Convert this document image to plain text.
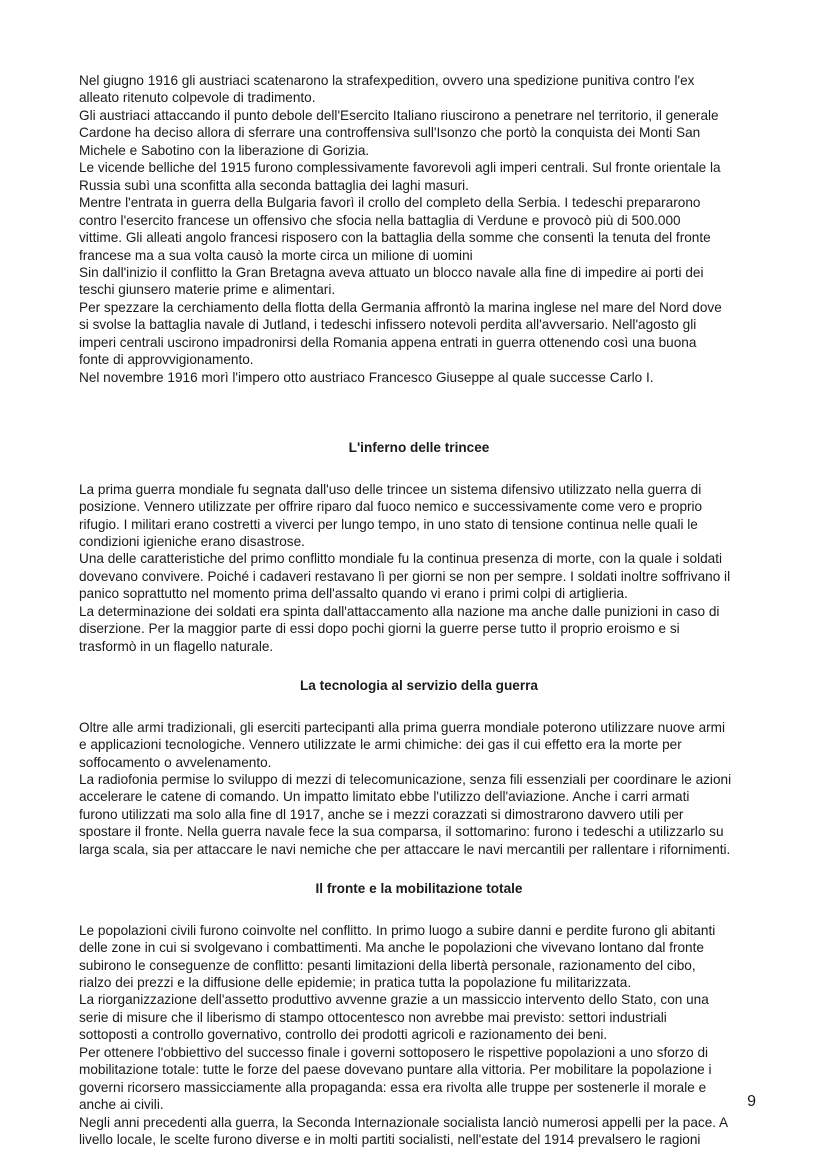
Nel giugno 1916 gli austriaci scatenarono la strafexpedition, ovvero una spedizione punitiva contro l'ex
alleato ritenuto colpevole di tradimento.
Gli austriaci attaccando il punto debole dell'Esercito Italiano riuscirono a penetrare nel territorio, il generale
Cardone ha deciso allora di sferrare una controffensiva sull'Isonzo che portò la conquista dei Monti San
Michele e Sabotino con la liberazione di Gorizia.
Le vicende belliche del 1915 furono complessivamente favorevoli agli imperi centrali. Sul fronte orientale la
Russia subì una sconfitta alla seconda battaglia dei laghi masuri.
Mentre l'entrata in guerra della Bulgaria favorì il crollo del completo della Serbia. I tedeschi prepararono
contro l'esercito francese un offensivo che sfocia nella battaglia di Verdune e provocò più di 500.000
vittime. Gli alleati angolo francesi risposero con la battaglia della somme che consentì la tenuta del fronte
francese ma a sua volta causò la morte circa un milione di uomini
Sin dall'inizio il conflitto la Gran Bretagna aveva attuato un blocco navale alla fine di impedire ai porti dei
teschi giunsero materie prime e alimentari.
Per spezzare la cerchiamento della flotta della Germania affrontò la marina inglese nel mare del Nord dove
si svolse la battaglia navale di Jutland, i tedeschi infissero notevoli perdita all'avversario. Nell'agosto gli
imperi centrali uscirono impadronirsi della Romania appena entrati in guerra ottenendo così una buona
fonte di approvvigionamento.
Nel novembre 1916 morì l'impero otto austriaco Francesco Giuseppe al quale successe Carlo I.
L'inferno delle trincee
La prima guerra mondiale fu segnata dall'uso delle trincee un sistema difensivo utilizzato nella guerra di
posizione. Vennero utilizzate per offrire riparo dal fuoco nemico e successivamente come vero e proprio
rifugio. I militari erano costretti a viverci per lungo tempo, in uno stato di tensione continua nelle quali le
condizioni igieniche erano disastrose.
Una delle caratteristiche del primo conflitto mondiale fu la continua presenza di morte, con la quale i soldati
dovevano convivere. Poiché i cadaveri restavano lì per giorni se non per sempre. I soldati inoltre soffrivano il
panico soprattutto nel momento prima dell'assalto quando vi erano i primi colpi di artiglieria.
La determinazione dei soldati era spinta dall'attaccamento alla nazione ma anche dalle punizioni in caso di
diserzione. Per la maggior parte di essi dopo pochi giorni la guerre perse tutto il proprio eroismo e si
trasformò in un flagello naturale.
La tecnologia al servizio della guerra
Oltre alle armi tradizionali, gli eserciti partecipanti alla prima guerra mondiale poterono utilizzare nuove armi
e applicazioni tecnologiche. Vennero utilizzate le armi chimiche: dei gas il cui effetto era la morte per
soffocamento o avvelenamento.
La radiofonia permise lo sviluppo di mezzi di telecomunicazione, senza fili essenziali per coordinare le azioni
accelerare le catene di comando. Un impatto limitato ebbe l'utilizzo dell'aviazione. Anche i carri armati
furono utilizzati ma solo alla fine dl 1917, anche se i mezzi corazzati si dimostrarono davvero utili per
spostare il fronte. Nella guerra navale fece la sua comparsa, il sottomarino: furono i tedeschi a utilizzarlo su
larga scala, sia per attaccare le navi nemiche che per attaccare le navi mercantili per rallentare i rifornimenti.
Il fronte e la mobilitazione totale
Le popolazioni civili furono coinvolte nel conflitto. In primo luogo a subire danni e perdite furono gli abitanti
delle zone in cui si svolgevano i combattimenti. Ma anche le popolazioni che vivevano lontano dal fronte
subirono le conseguenze de conflitto: pesanti limitazioni della libertà personale, razionamento del cibo,
rialzo dei prezzi e la diffusione delle epidemie; in pratica tutta la popolazione fu militarizzata.
La riorganizzazione dell'assetto produttivo avvenne grazie a un massiccio intervento dello Stato, con una
serie di misure che il liberismo di stampo ottocentesco non avrebbe mai previsto: settori industriali
sottoposti a controllo governativo, controllo dei prodotti agricoli e razionamento dei beni.
Per ottenere l'obbiettivo del successo finale i governi sottoposero le rispettive popolazioni a uno sforzo di
mobilitazione totale: tutte le forze del paese dovevano puntare alla vittoria. Per mobilitare la popolazione i
governi ricorsero massicciamente alla propaganda: essa era rivolta alle truppe per sostenerle il morale e
anche ai civili.
Negli anni precedenti alla guerra, la Seconda Internazionale socialista lanciò numerosi appelli per la pace. A
livello locale, le scelte furono diverse e in molti partiti socialisti, nell'estate del 1914 prevalsero le ragioni
9
